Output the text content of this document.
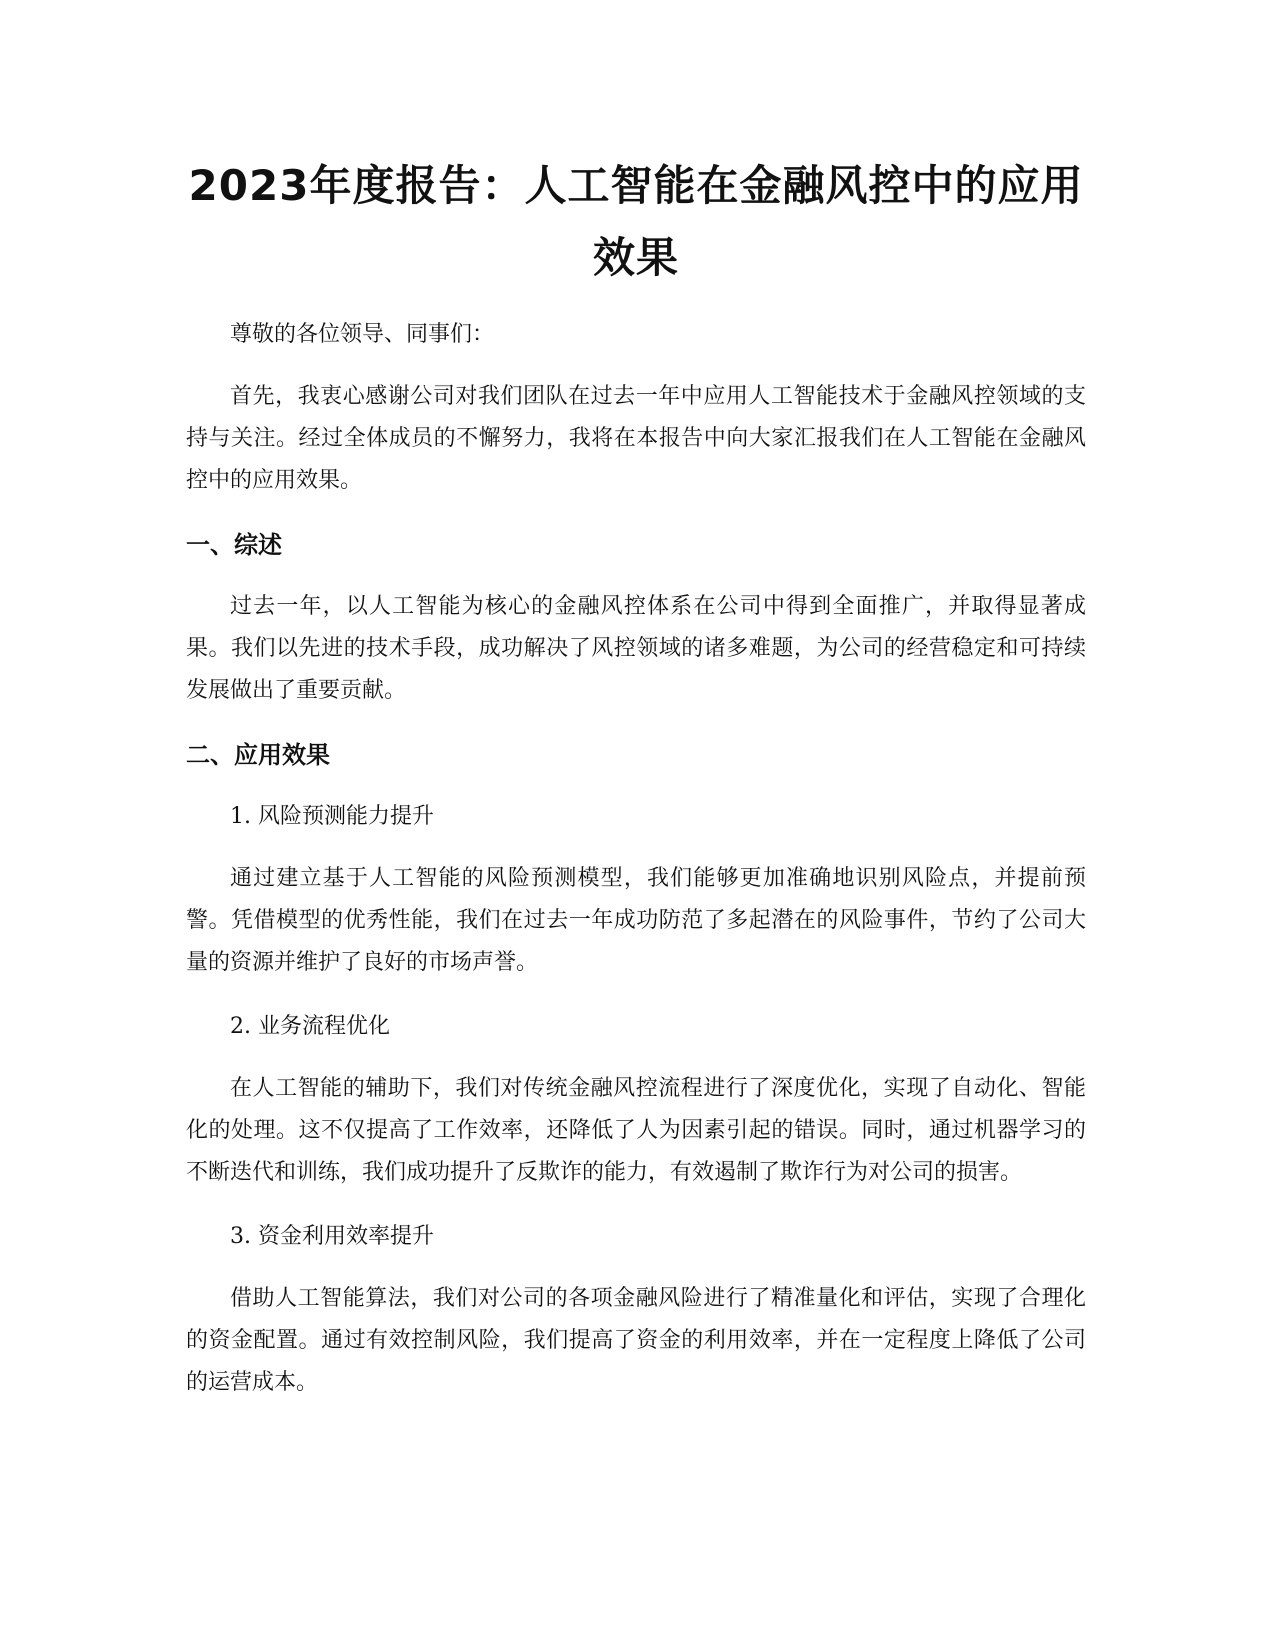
2023年度报告：人工智能在金融风控中的应用效果

尊敬的各位领导、同事们：

首先，我衷心感谢公司对我们团队在过去一年中应用人工智能技术于金融风控领域的支持与关注。经过全体成员的不懈努力，我将在本报告中向大家汇报我们在人工智能在金融风控中的应用效果。

一、综述

过去一年，以人工智能为核心的金融风控体系在公司中得到全面推广，并取得显著成果。我们以先进的技术手段，成功解决了风控领域的诸多难题，为公司的经营稳定和可持续发展做出了重要贡献。

二、应用效果

1. 风险预测能力提升

通过建立基于人工智能的风险预测模型，我们能够更加准确地识别风险点，并提前预警。凭借模型的优秀性能，我们在过去一年成功防范了多起潜在的风险事件，节约了公司大量的资源并维护了良好的市场声誉。

2. 业务流程优化

在人工智能的辅助下，我们对传统金融风控流程进行了深度优化，实现了自动化、智能化的处理。这不仅提高了工作效率，还降低了人为因素引起的错误。同时，通过机器学习的不断迭代和训练，我们成功提升了反欺诈的能力，有效遏制了欺诈行为对公司的损害。

3. 资金利用效率提升

借助人工智能算法，我们对公司的各项金融风险进行了精准量化和评估，实现了合理化的资金配置。通过有效控制风险，我们提高了资金的利用效率，并在一定程度上降低了公司的运营成本。
